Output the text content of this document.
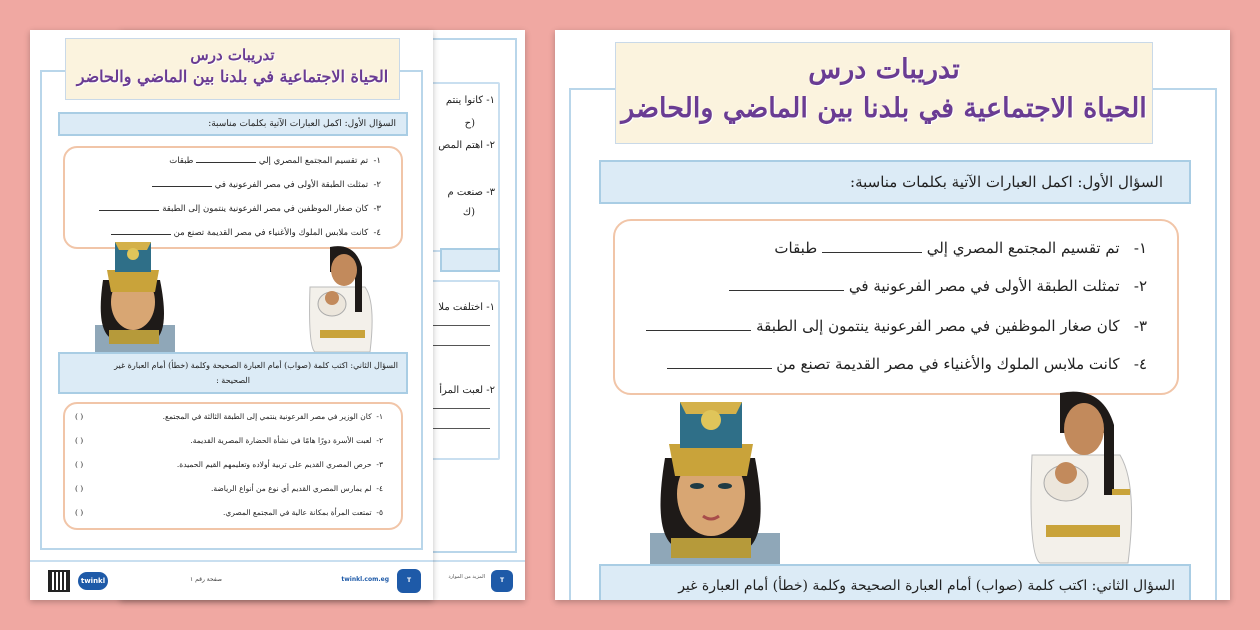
١- كانوا ينتم
(ح
٢- اهتم المص
٣- صنعت م
(ك
١- اختلفت ملا
٢- لعبت المرأ
T
المزيد من الموارد
تدريبات درس
الحياة الاجتماعية في بلدنا بين الماضي والحاضر
السؤال الأول: اكمل العبارات الآتية بكلمات مناسبة:
١-  تم تقسيم المجتمع المصري إلي  طبقات
٢-  تمثلت الطبقة الأولى في مصر الفرعونية في
٣-  كان صغار الموظفين في مصر الفرعونية ينتمون إلى الطبقة
٤-  كانت ملابس الملوك والأغنياء في مصر القديمة تصنع من
السؤال الثاني: اكتب كلمة (صواب) أمام العبارة الصحيحة وكلمة (خطأ) أمام العبارة غير
الصحيحة :
١-  كان الوزير في مصر الفرعونية ينتمي إلى الطبقة الثالثة في المجتمع.
( )
٢-  لعبت الأسرة دورًا هامًا في نشأة الحضارة المصرية القديمة.
( )
٣-  حرص المصري القديم على تربية أولاده وتعليمهم القيم الحميدة.
( )
٤-  لم يمارس المصري القديم أي نوع من أنواع الرياضة.
( )
٥-  تمتعت المرأة بمكانة عالية في المجتمع المصري.
( )
T
twinkl.com.eg
صفحة رقم ١
twinkl
تدريبات درس
الحياة الاجتماعية في بلدنا بين الماضي والحاضر
السؤال الأول: اكمل العبارات الآتية بكلمات مناسبة:
١-   تم تقسيم المجتمع المصري إلي  طبقات
٢-   تمثلت الطبقة الأولى في مصر الفرعونية في
٣-   كان صغار الموظفين في مصر الفرعونية ينتمون إلى الطبقة
٤-   كانت ملابس الملوك والأغنياء في مصر القديمة تصنع من
السؤال الثاني: اكتب كلمة (صواب) أمام العبارة الصحيحة وكلمة (خطأ) أمام العبارة غير
